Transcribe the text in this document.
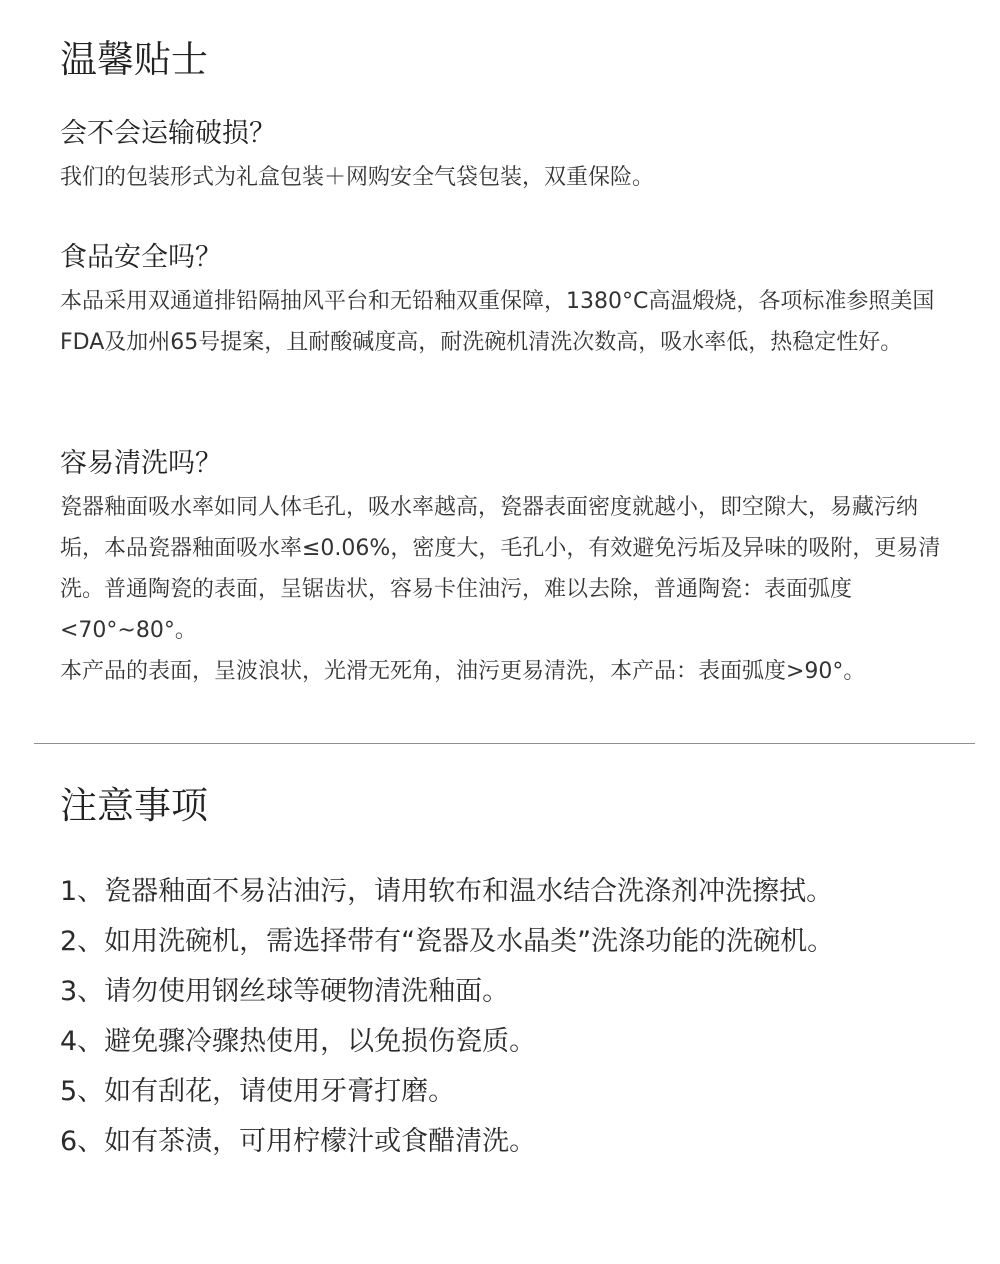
温馨贴士
会不会运输破损？

我们的包装形式为礼盒包装＋网购安全气袋包装，双重保险。

食品安全吗？

本品采用双通道排铅隔抽风平台和无铅釉双重保障，1380°C高温煅烧，各项标准参照美国FDA及加州65号提案，且耐酸碱度高，耐洗碗机清洗次数高，吸水率低，热稳定性好。

容易清洗吗？

瓷器釉面吸水率如同人体毛孔，吸水率越高，瓷器表面密度就越小，即空隙大，易藏污纳垢，本品瓷器釉面吸水率≤0.06%，密度大，毛孔小，有效避免污垢及异味的吸附，更易清洗。普通陶瓷的表面，呈锯齿状，容易卡住油污，难以去除，普通陶瓷：表面弧度<70°~80°。

本产品的表面，呈波浪状，光滑无死角，油污更易清洗，本产品：表面弧度>90°。

注意事项
1、瓷器釉面不易沾油污，请用软布和温水结合洗涤剂冲洗擦拭。
2、如用洗碗机，需选择带有“瓷器及水晶类”洗涤功能的洗碗机。
3、请勿使用钢丝球等硬物清洗釉面。
4、避免骤冷骤热使用，以免损伤瓷质。
5、如有刮花，请使用牙膏打磨。
6、如有茶渍，可用柠檬汁或食醋清洗。
